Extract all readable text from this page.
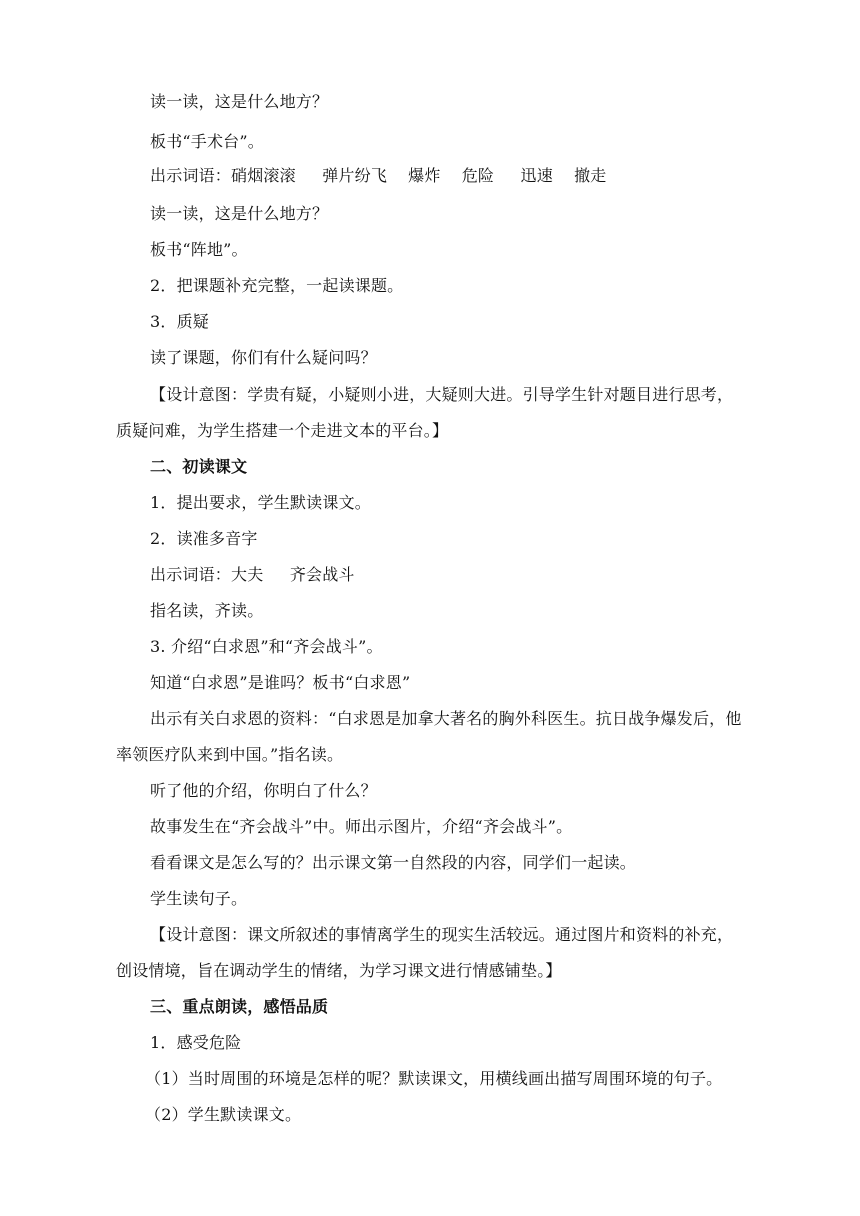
读一读，这是什么地方？
板书“手术台”。
出示词语：硝烟滚滚     弹片纷飞    爆炸    危险     迅速    撤走
读一读，这是什么地方？
板书“阵地”。
2．把课题补充完整，一起读课题。
3．质疑
读了课题，你们有什么疑问吗？
【设计意图：学贵有疑，小疑则小进，大疑则大进。引导学生针对题目进行思考，
质疑问难，为学生搭建一个走进文本的平台。】
二、初读课文
1．提出要求，学生默读课文。
2．读准多音字
出示词语：大夫     齐会战斗
指名读，齐读。
3. 介绍“白求恩”和“齐会战斗”。
知道“白求恩”是谁吗？板书“白求恩”
出示有关白求恩的资料：“白求恩是加拿大著名的胸外科医生。抗日战争爆发后，他
率领医疗队来到中国。”指名读。
听了他的介绍，你明白了什么？
故事发生在“齐会战斗”中。师出示图片，介绍“齐会战斗”。
看看课文是怎么写的？出示课文第一自然段的内容，同学们一起读。
学生读句子。
【设计意图：课文所叙述的事情离学生的现实生活较远。通过图片和资料的补充，
创设情境，旨在调动学生的情绪，为学习课文进行情感铺垫。】
三、重点朗读，感悟品质
1．感受危险
（1）当时周围的环境是怎样的呢？默读课文，用横线画出描写周围环境的句子。
（2）学生默读课文。
